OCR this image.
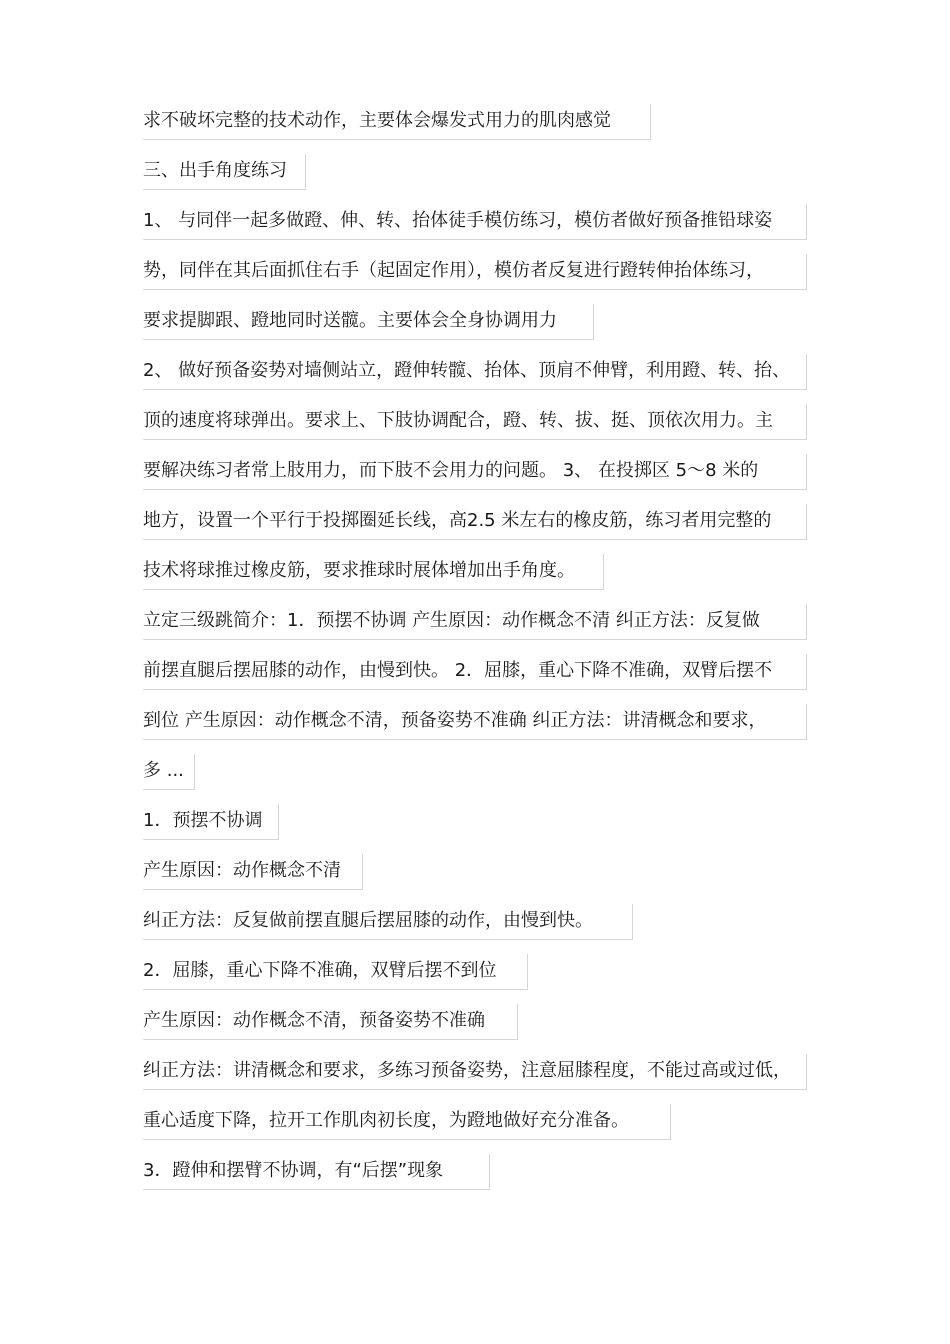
求不破坏完整的技术动作，主要体会爆发式用力的肌肉感觉
三、出手角度练习
1、 与同伴一起多做蹬、伸、转、抬体徒手模仿练习，模仿者做好预备推铅球姿
势，同伴在其后面抓住右手（起固定作用），模仿者反复进行蹬转伸抬体练习，
要求提脚跟、蹬地同时送髋。主要体会全身协调用力
2、 做好预备姿势对墙侧站立，蹬伸转髋、抬体、顶肩不伸臂，利用蹬、转、抬、
顶的速度将球弹出。要求上、下肢协调配合，蹬、转、拔、挺、顶依次用力。主
要解决练习者常上肢用力，而下肢不会用力的问题。 3、 在投掷区 5～8 米的
地方，设置一个平行于投掷圈延长线，高2.5 米左右的橡皮筋，练习者用完整的
技术将球推过橡皮筋，要求推球时展体增加出手角度。
立定三级跳简介：1．预摆不协调 产生原因：动作概念不清 纠正方法：反复做
前摆直腿后摆屈膝的动作，由慢到快。 2．屈膝，重心下降不准确，双臂后摆不
到位 产生原因：动作概念不清，预备姿势不准确 纠正方法：讲清概念和要求，
多 ...
1．预摆不协调
产生原因：动作概念不清
纠正方法：反复做前摆直腿后摆屈膝的动作，由慢到快。
2．屈膝，重心下降不准确，双臂后摆不到位
产生原因：动作概念不清，预备姿势不准确
纠正方法：讲清概念和要求，多练习预备姿势，注意屈膝程度，不能过高或过低，
重心适度下降，拉开工作肌肉初长度，为蹬地做好充分准备。
3．蹬伸和摆臂不协调，有“后摆”现象
